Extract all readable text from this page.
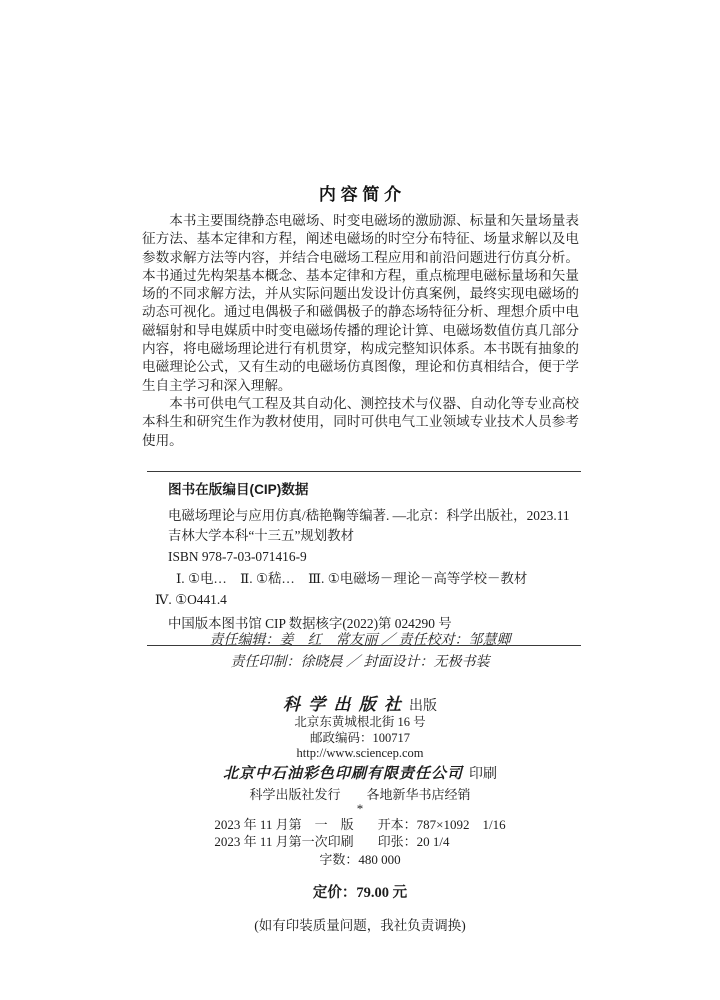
内 容 简 介

本书主要围绕静态电磁场、时变电磁场的激励源、标量和矢量场量表征方法、基本定律和方程，阐述电磁场的时空分布特征、场量求解以及电参数求解方法等内容，并结合电磁场工程应用和前沿问题进行仿真分析。本书通过先构架基本概念、基本定律和方程，重点梳理电磁标量场和矢量场的不同求解方法，并从实际问题出发设计仿真案例，最终实现电磁场的动态可视化。通过电偶极子和磁偶极子的静态场特征分析、理想介质中电磁辐射和导电媒质中时变电磁场传播的理论计算、电磁场数值仿真几部分内容，将电磁场理论进行有机贯穿，构成完整知识体系。本书既有抽象的电磁理论公式，又有生动的电磁场仿真图像，理论和仿真相结合，便于学生自主学习和深入理解。

本书可供电气工程及其自动化、测控技术与仪器、自动化等专业高校本科生和研究生作为教材使用，同时可供电气工业领域专业技术人员参考使用。

图书在版编目(CIP)数据
电磁场理论与应用仿真/嵇艳鞠等编著. —北京：科学出版社，2023.11
吉林大学本科“十三五”规划教材
ISBN 978-7-03-071416-9
Ⅰ. ①电…　Ⅱ. ①嵇…　Ⅲ. ①电磁场－理论－高等学校－教材
Ⅳ. ①O441.4
中国版本图书馆 CIP 数据核字(2022)第 024290 号
责任编辑：姜　红　常友丽 ／ 责任校对：邹慧卿
责任印制：徐晓晨 ／ 封面设计：无极书装
科 学 出 版 社 出版
北京东黄城根北街 16 号
邮政编码：100717
http://www.sciencep.com
北京中石油彩色印刷有限责任公司 印刷
科学出版社发行　　各地新华书店经销
*
2023 年 11 月第　一　版 开本：787×1092　1/16
2023 年 11 月第一次印刷 印张：20 1/4
字数：480 000
定价：79.00 元
(如有印装质量问题，我社负责调换)
